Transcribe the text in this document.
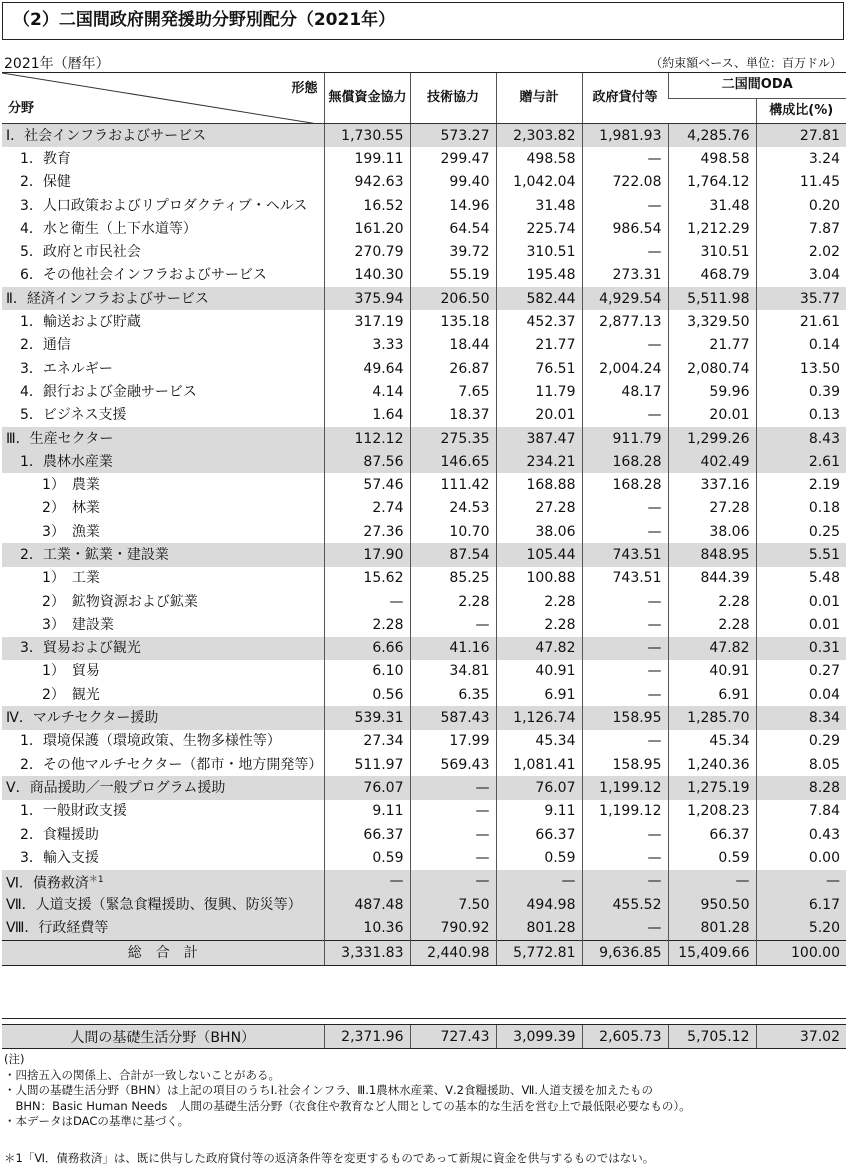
（2）二国間政府開発援助分野別配分（2021年）
2021年（暦年）	（約束額ベース、単位：百万ドル）
形態
分野	無償資金協力	技術協力	贈与計	政府貸付等	二国間ODA	
						構成比(%)
Ⅰ．社会インフラおよびサービス	1,730.55	573.27	2,303.82	1,981.93	4,285.76	27.81
1．教育	199.11	299.47	498.58	—	498.58	3.24
2．保健	942.63	99.40	1,042.04	722.08	1,764.12	11.45
3．人口政策およびリプロダクティブ・ヘルス	16.52	14.96	31.48	—	31.48	0.20
4．水と衛生（上下水道等）	161.20	64.54	225.74	986.54	1,212.29	7.87
5．政府と市民社会	270.79	39.72	310.51	—	310.51	2.02
6．その他社会インフラおよびサービス	140.30	55.19	195.48	273.31	468.79	3.04
Ⅱ．経済インフラおよびサービス	375.94	206.50	582.44	4,929.54	5,511.98	35.77
1．輸送および貯蔵	317.19	135.18	452.37	2,877.13	3,329.50	21.61
2．通信	3.33	18.44	21.77	—	21.77	0.14
3．エネルギー	49.64	26.87	76.51	2,004.24	2,080.74	13.50
4．銀行および金融サービス	4.14	7.65	11.79	48.17	59.96	0.39
5．ビジネス支援	1.64	18.37	20.01	—	20.01	0.13
Ⅲ．生産セクター	112.12	275.35	387.47	911.79	1,299.26	8.43
1．農林水産業	87.56	146.65	234.21	168.28	402.49	2.61
1）　農業	57.46	111.42	168.88	168.28	337.16	2.19
2）　林業	2.74	24.53	27.28	—	27.28	0.18
3）　漁業	27.36	10.70	38.06	—	38.06	0.25
2．工業・鉱業・建設業	17.90	87.54	105.44	743.51	848.95	5.51
1）　工業	15.62	85.25	100.88	743.51	844.39	5.48
2）　鉱物資源および鉱業	—	2.28	2.28	—	2.28	0.01
3）　建設業	2.28	—	2.28	—	2.28	0.01
3．貿易および観光	6.66	41.16	47.82	—	47.82	0.31
1）　貿易	6.10	34.81	40.91	—	40.91	0.27
2）　観光	0.56	6.35	6.91	—	6.91	0.04
Ⅳ．マルチセクター援助	539.31	587.43	1,126.74	158.95	1,285.70	8.34
1．環境保護（環境政策、生物多様性等）	27.34	17.99	45.34	—	45.34	0.29
2．その他マルチセクター（都市・地方開発等）	511.97	569.43	1,081.41	158.95	1,240.36	8.05
Ⅴ．商品援助／一般プログラム援助	76.07	—	76.07	1,199.12	1,275.19	8.28
1．一般財政支援	9.11	—	9.11	1,199.12	1,208.23	7.84
2．食糧援助	66.37	—	66.37	—	66.37	0.43
3．輸入支援	0.59	—	0.59	—	0.59	0.00
Ⅵ．債務救済$^{*1}$	—	—	—	—	—	—
Ⅶ．人道支援（緊急食糧援助、復興、防災等）	487.48	7.50	494.98	455.52	950.50	6.17
Ⅷ．行政経費等	10.36	790.92	801.28	—	801.28	5.20
総　合　計	3,331.83	2,440.98	5,772.81	9,636.85	15,409.66	100.00
人間の基礎生活分野（BHN）	2,371.96	727.43	3,099.39	2,605.73	5,705.12	37.02
(注)
・四捨五入の関係上、合計が一致しないことがある。
・人間の基礎生活分野（BHN）は上記の項目のうちⅠ.社会インフラ、Ⅲ.1農林水産業、Ⅴ.2食糧援助、Ⅶ.人道支援を加えたもの
　BHN：Basic Human Needs　人間の基礎生活分野（衣食住や教育など人間としての基本的な生活を営む上で最低限必要なもの）。
・本データはDACの基準に基づく。
＊1「Ⅵ．債務救済」は、既に供与した政府貸付等の返済条件等を変更するものであって新規に資金を供与するものではない。
